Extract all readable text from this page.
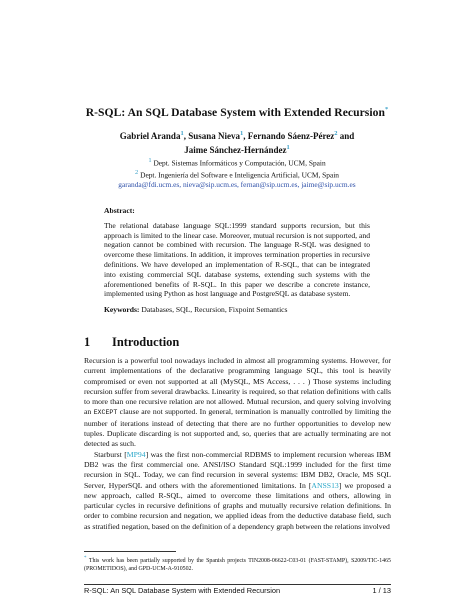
R-SQL: An SQL Database System with Extended Recursion*
Gabriel Aranda$^1$, Susana Nieva$^1$, Fernando Sáenz-Pérez$^2$ and
Jaime Sánchez-Hernández$^1$
$^1$ Dept. Sistemas Informáticos y Computación, UCM, Spain
$^2$ Dept. Ingeniería del Software e Inteligencia Artificial, UCM, Spain
garanda@fdi.ucm.es, nieva@sip.ucm.es, fernan@sip.ucm.es, jaime@sip.ucm.es
Abstract:
The relational database language SQL:1999 standard supports recursion, but this approach is limited to the linear case. Moreover, mutual recursion is not supported, and negation cannot be combined with recursion. The language R-SQL was designed to overcome these limitations. In addition, it improves termination properties in recursive definitions. We have developed an implementation of R-SQL, that can be integrated into existing commercial SQL database systems, extending such systems with the aforementioned benefits of R-SQL. In this paper we describe a concrete instance, implemented using Python as host language and PostgreSQL as database system.
Keywords: Databases, SQL, Recursion, Fixpoint Semantics
1 Introduction

Recursion is a powerful tool nowadays included in almost all programming systems. However, for current implementations of the declarative programming language SQL, this tool is heavily compromised or even not supported at all (MySQL, MS Access, . . . ) Those systems including recursion suffer from several drawbacks. Linearity is required, so that relation definitions with calls to more than one recursive relation are not allowed. Mutual recursion, and query solving involving an EXCEPT clause are not supported. In general, termination is manually controlled by limiting the number of iterations instead of detecting that there are no further opportunities to develop new tuples. Duplicate discarding is not supported and, so, queries that are actually terminating are not detected as such.

Starburst [MP94] was the first non-commercial RDBMS to implement recursion whereas IBM DB2 was the first commercial one. ANSI/ISO Standard SQL:1999 included for the first time recursion in SQL. Today, we can find recursion in several systems: IBM DB2, Oracle, MS SQL Server, HyperSQL and others with the aforementioned limitations. In [ANSS13] we proposed a new approach, called R-SQL, aimed to overcome these limitations and others, allowing in particular cycles in recursive definitions of graphs and mutually recursive relation definitions. In order to combine recursion and negation, we applied ideas from the deductive database field, such as stratified negation, based on the definition of a dependency graph between the relations involved

* This work has been partially supported by the Spanish projects TIN2008-06622-C03-01 (FAST-STAMP), S2009/TIC-1465 (PROMETIDOS), and GPD-UCM-A-910502.
R-SQL: An SQL Database System with Extended Recursion	1 / 13
